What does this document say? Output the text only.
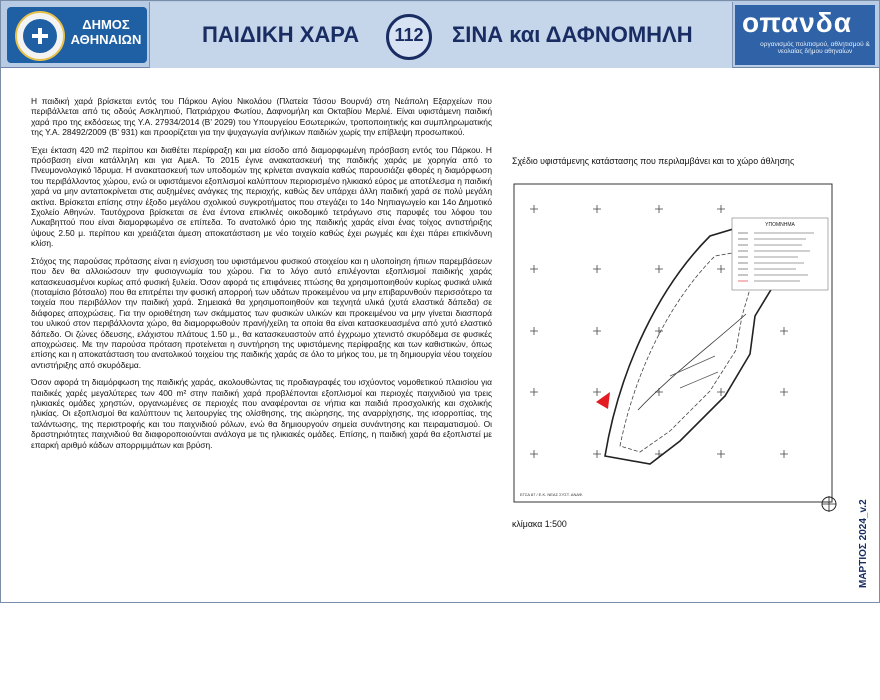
ΔΗΜΟΣ ΑΘΗΝΑΙΩΝ	ΠΑΙΔΙΚΗ ΧΑΡΑ	112 ΣΙΝΑ και ΔΑΦΝΟΜΗΛΗ οπανδα
οργανισμός πολιτισμού, αθλητισμού & νεολαίας δήμου αθηναίων

Η παιδική χαρά βρίσκεται εντός του Πάρκου Αγίου Νικολάου (Πλατεία Τάσου Βουρνά) στη Νεάπολη Εξαρχείων που περιβάλλεται από τις οδούς Ασκληπιού, Πατριάρχου Φωτίου, Δαφνομήλη και Οκταβίου Μερλιέ. Είναι υφιστάμενη παιδική χαρά προ της εκδόσεως της Υ.Α. 27934/2014 (Β’ 2029) του Υπουργείου Εσωτερικών, τροποποιητικής και συμπληρωματικής της Υ.Α. 28492/2009 (Β’ 931) και προορίζεται για την ψυχαγωγία ανήλικων παιδιών χωρίς την επίβλεψη προσωπικού.

Έχει έκταση 420 m2 περίπου και διαθέτει περίφραξη και μια είσοδο από διαμορφωμένη πρόσβαση εντός του Πάρκου. Η πρόσβαση είναι κατάλληλη και για ΑμεΑ. Το 2015 έγινε ανακατασκευή της παιδικής χαράς με χορηγία από το Πνευμονολογικό Ίδρυμα. Η ανακατασκευή των υποδομών της κρίνεται αναγκαία καθώς παρουσιάζει φθορές η διαμόρφωση του περιβάλλοντος χώρου, ενώ οι υφιστάμενοι εξοπλισμοί καλύπτουν περιορισμένο ηλικιακό εύρος με αποτέλεσμα η παιδική χαρά να μην ανταποκρίνεται στις αυξημένες ανάγκες της περιοχής, καθώς δεν υπάρχει άλλη παιδική χαρά σε πολύ μεγάλη ακτίνα. Βρίσκεται επίσης στην έξοδο μεγάλου σχολικού συγκροτήματος που στεγάζει το 14ο Νηπιαγωγείο και 14ο Δημοτικό Σχολείο Αθηνών. Ταυτόχρονα βρίσκεται σε ένα έντονα επικλινές οικοδομικό τετράγωνο στις παρυφές του λόφου του Λυκαβηττού που είναι διαμορφωμένο σε επίπεδα. Το ανατολικό όριο της παιδικής χαράς είναι ένας τοίχος αντιστήριξης ύψους 2.50 μ. περίπου και χρειάζεται άμεση αποκατάσταση με νέο τοιχείο καθώς έχει ρωγμές και έχει πάρει επικίνδυνη κλίση.

Στόχος της παρούσας πρότασης είναι η ενίσχυση του υφιστάμενου φυσικού στοιχείου και η υλοποίηση ήπιων παρεμβάσεων που δεν θα αλλοιώσουν την φυσιογνωμία του χώρου. Για το λόγο αυτό επιλέγονται εξοπλισμοί παιδικής χαράς κατασκευασμένοι κυρίως από φυσική ξυλεία. Όσον αφορά τις επιφάνειες πτώσης θα χρησιμοποιηθούν κυρίως φυσικά υλικά (ποταμίσιο βότσαλο) που θα επιτρέπει την φυσική απορροή των υδάτων προκειμένου να μην επιβαρυνθούν περισσότερο τα τοιχεία που περιβάλλον την παιδική χαρά. Σημειακά θα χρησιμοποιηθούν και τεχνητά υλικά (χυτά ελαστικά δάπεδα) σε διάφορες αποχρώσεις. Για την οριοθέτηση των σκάμματος των φυσικών υλικών και προκειμένου να μην γίνεται διασπορά του υλικού στον περιβάλλοντα χώρο, θα διαμορφωθούν πρανή/χείλη τα οποία θα είναι κατασκευασμένα από χυτό ελαστικό δάπεδο. Οι ζώνες όδευσης, ελάχιστου πλάτους 1.50 μ., θα κατασκευαστούν από έγχρωμο χτενιστό σκυρόδεμα σε φυσικές αποχρώσεις. Με την παρούσα πρόταση προτείνεται η συντήρηση της υφιστάμενης περίφραξης και των καθιστικών, όπως επίσης και η αποκατάσταση του ανατολικού τοιχείου της παιδικής χαράς σε όλο το μήκος του, με τη δημιουργία νέου τοιχείου αντιστήριξης από σκυρόδεμα.

Όσον αφορά τη διαμόρφωση της παιδικής χαράς, ακολουθώντας τις προδιαγραφές του ισχύοντος νομοθετικού πλαισίου για παιδικές χαρές μεγαλύτερες των 400 m² στην παιδική χαρά προβλέπονται εξοπλισμοί και περιοχές παιχνιδιού για τρεις ηλικιακές ομάδες χρηστών, οργανωμένες σε περιοχές που αναφέρονται σε νήπια και παιδιά προσχολικής και σχολικής ηλικίας. Οι εξοπλισμοί θα καλύπτουν τις λειτουργίες της ολίσθησης, της αιώρησης, της αναρρίχησης, της ισορροπίας, της ταλάντωσης, της περιστροφής και του παιχνιδιού ρόλων, ενώ θα δημιουργούν σημεία συνάντησης και πειραματισμού. Οι δραστηριότητες παιχνιδιού θα διαφοροποιούνται ανάλογα με τις ηλικιακές ομάδες. Επίσης, η παιδική χαρά θα εξοπλιστεί με επαρκή αριθμό κάδων απορριμμάτων και βρύση.

Σχέδιο υφιστάμενης κατάστασης που περιλαμβάνει και το χώρο άθλησης
ΥΠΟΜΝΗΜΑ
ΕΓΣΑ 87 / Ε.Κ. ΝΕΑΣ ΣΥΣΤ. ΑΝΑΦ.
κλίμακα 1:500	ΜΑΡΤΙΟΣ 2024_v.2
